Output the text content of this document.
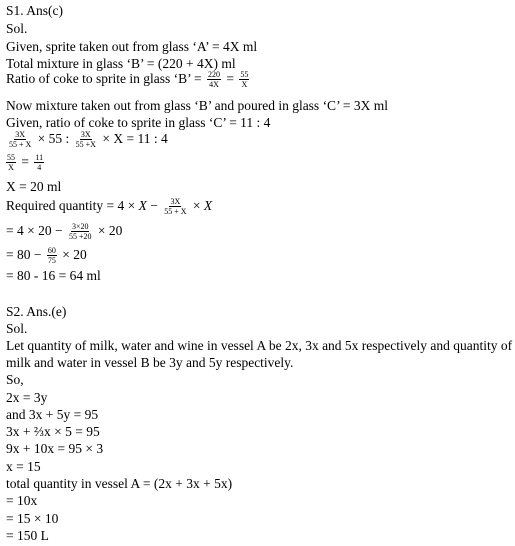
S1. Ans(c)
Sol.
Given, sprite taken out from glass ‘A’ = 4X ml
Total mixture in glass ‘B’ = (220 + 4X) ml
Ratio of coke to sprite in glass ‘B’ = $\frac{220}{4X} = \frac{55}{X}$
Now mixture taken out from glass ‘B’ and poured in glass ‘C’ = 3X ml
Given, ratio of coke to sprite in glass ‘C’ = 11 : 4
$\frac{3X}{55 + X} \times 55$ : $\frac{3X}{55 +X} \times X = 11$ : 4
$\frac{55}{X} = \frac{11}{4}$
X = 20 ml
Required quantity = $4 \times X - \frac{3X}{55 + X} \times X$
= $4 \times 20 - \frac{3\times 20}{55 +20} \times 20$
= $80 - \frac{60}{75} \times 20$
= 80 - 16 = 64 ml
S2. Ans.(e)
Sol.
Let quantity of milk, water and wine in vessel A be 2x, 3x and 5x respectively and quantity of
milk and water in vessel B be 3y and 5y respectively.
So,
2x = 3y
and 3x + 5y = 95
3x + ⅔x × 5 = 95
9x + 10x = 95 × 3
x = 15
total quantity in vessel A = (2x + 3x + 5x)
= 10x
= 15 × 10
= 150 L
